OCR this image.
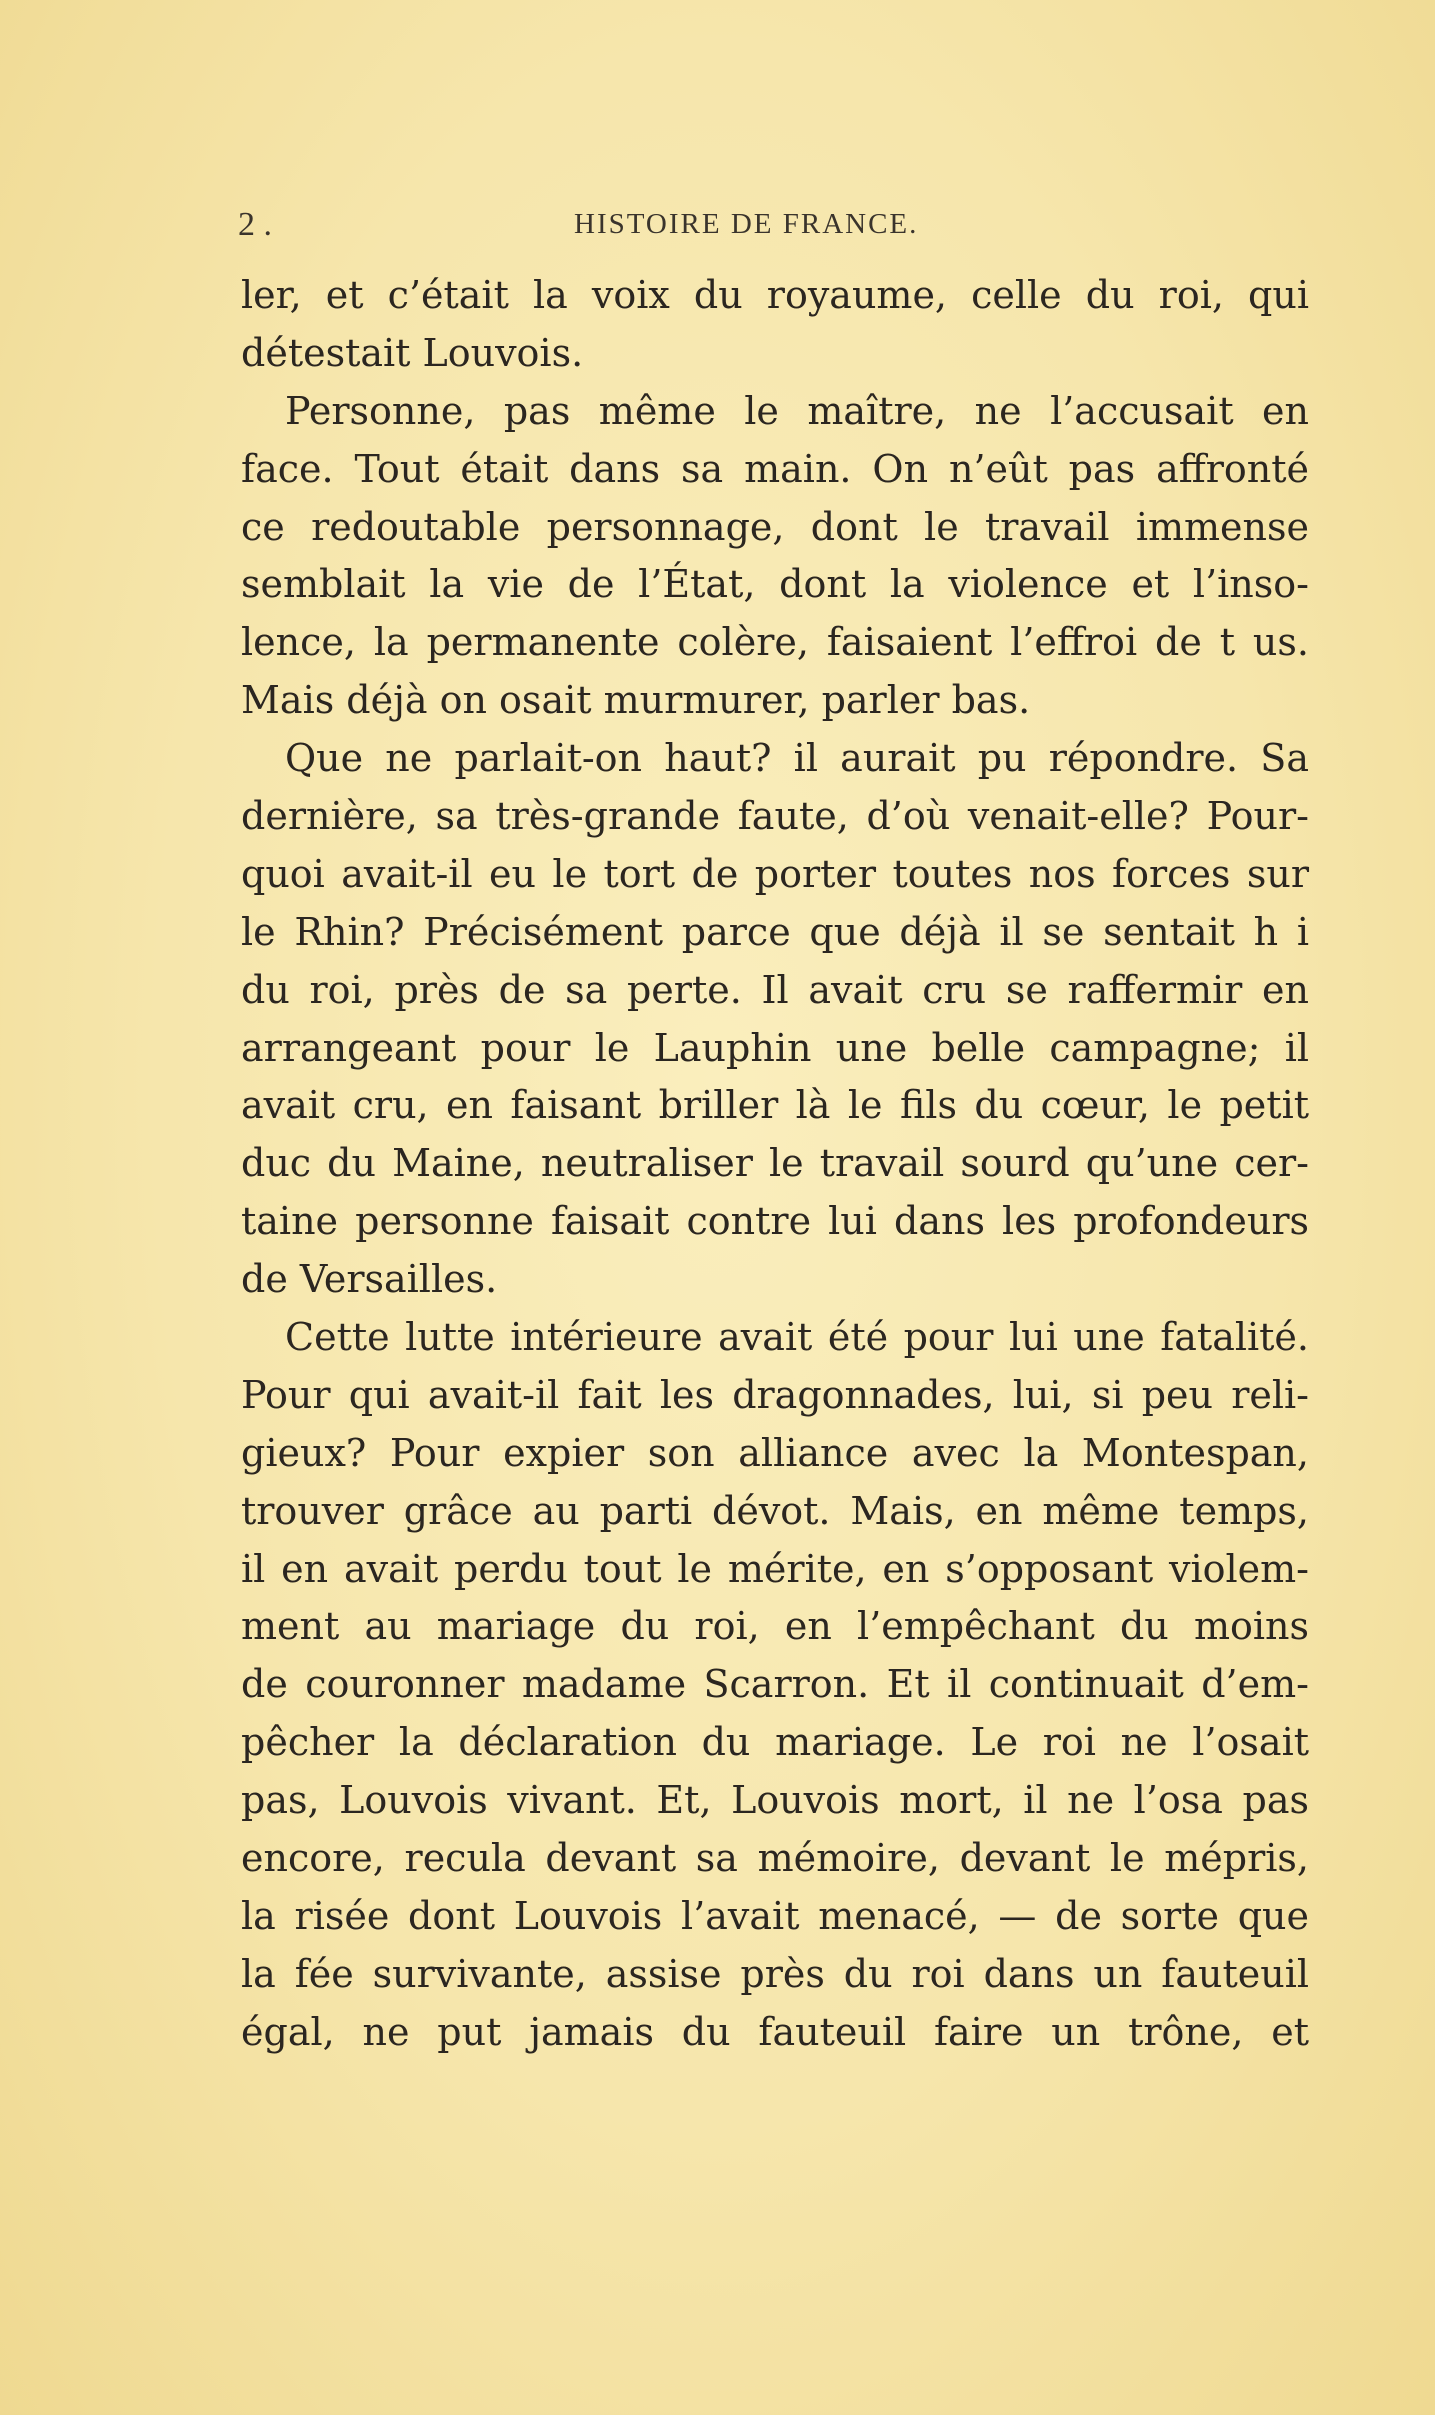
2 .	HISTOIRE DE FRANCE.
ler, et c’était la voix du royaume, celle du roi, qui
détestait Louvois.
Personne, pas même le maître, ne l’accusait en
face. Tout était dans sa main. On n’eût pas affronté
ce redoutable personnage, dont le travail immense
semblait la vie de l’État, dont la violence et l’inso-
lence, la permanente colère, faisaient l’effroi de t us.
Mais déjà on osait murmurer, parler bas.
Que ne parlait-on haut? il aurait pu répondre. Sa
dernière, sa très-grande faute, d’où venait-elle? Pour-
quoi avait-il eu le tort de porter toutes nos forces sur
le Rhin? Précisément parce que déjà il se sentait h i
du roi, près de sa perte. Il avait cru se raffermir en
arrangeant pour le Lauphin une belle campagne; il
avait cru, en faisant briller là le fils du cœur, le petit
duc du Maine, neutraliser le travail sourd qu’une cer-
taine personne faisait contre lui dans les profondeurs
de Versailles.
Cette lutte intérieure avait été pour lui une fatalité.
Pour qui avait-il fait les dragonnades, lui, si peu reli-
gieux? Pour expier son alliance avec la Montespan,
trouver grâce au parti dévot. Mais, en même temps,
il en avait perdu tout le mérite, en s’opposant violem-
ment au mariage du roi, en l’empêchant du moins
de couronner madame Scarron. Et il continuait d’em-
pêcher la déclaration du mariage. Le roi ne l’osait
pas, Louvois vivant. Et, Louvois mort, il ne l’osa pas
encore, recula devant sa mémoire, devant le mépris,
la risée dont Louvois l’avait menacé, — de sorte que
la fée survivante, assise près du roi dans un fauteuil
égal, ne put jamais du fauteuil faire un trône, et
